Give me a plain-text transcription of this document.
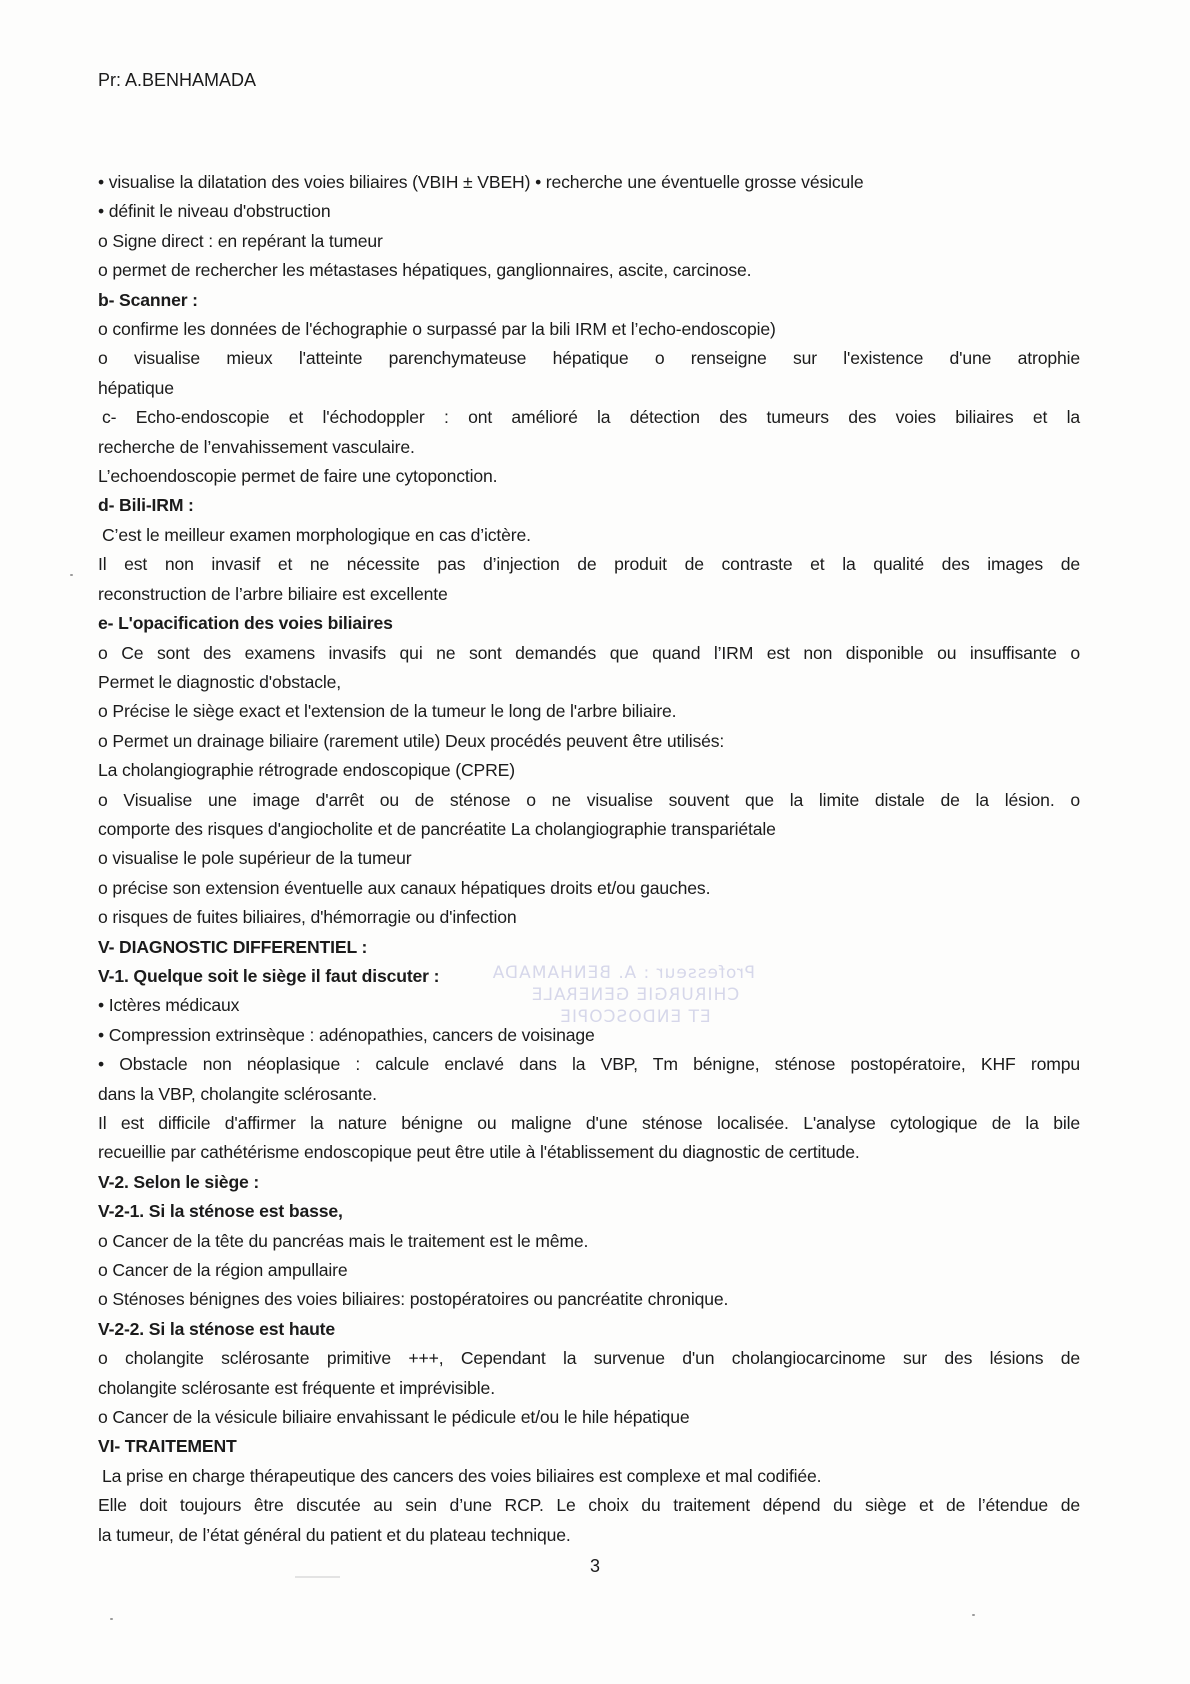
Pr: A.BENHAMADA
• visualise la dilatation des voies biliaires (VBIH ± VBEH) • recherche une éventuelle grosse vésicule
• définit le niveau d'obstruction
o Signe direct : en repérant la tumeur
o permet de rechercher les métastases hépatiques, ganglionnaires, ascite, carcinose.
b- Scanner :
o confirme les données de l'échographie o surpassé par la bili IRM et l’echo-endoscopie)
o visualise mieux l'atteinte parenchymateuse hépatique o renseigne sur l'existence d'une atrophie
hépatique
c- Echo-endoscopie et l'échodoppler : ont amélioré la détection des tumeurs des voies biliaires et la
recherche de l’envahissement vasculaire.
L’echoendoscopie permet de faire une cytoponction.
d- Bili-IRM :
C’est le meilleur examen morphologique en cas d’ictère.
Il est non invasif et ne nécessite pas d’injection de produit de contraste et la qualité des images de
reconstruction de l’arbre biliaire est excellente
e- L'opacification des voies biliaires
o Ce sont des examens invasifs qui ne sont demandés que quand l’IRM est non disponible ou insuffisante o
Permet le diagnostic d'obstacle,
o Précise le siège exact et l'extension de la tumeur le long de l'arbre biliaire.
o Permet un drainage biliaire (rarement utile) Deux procédés peuvent être utilisés:
La cholangiographie rétrograde endoscopique (CPRE)
o Visualise une image d'arrêt ou de sténose o ne visualise souvent que la limite distale de la lésion. o
comporte des risques d'angiocholite et de pancréatite La cholangiographie transpariétale
o visualise le pole supérieur de la tumeur
o précise son extension éventuelle aux canaux hépatiques droits et/ou gauches.
o risques de fuites biliaires, d'hémorragie ou d'infection
V- DIAGNOSTIC DIFFERENTIEL :
V-1. Quelque soit le siège il faut discuter :
• Ictères médicaux
• Compression extrinsèque : adénopathies, cancers de voisinage
• Obstacle non néoplasique : calcule enclavé dans la VBP, Tm bénigne, sténose postopératoire, KHF rompu
dans la VBP, cholangite sclérosante.
Il est difficile d'affirmer la nature bénigne ou maligne d'une sténose localisée. L'analyse cytologique de la bile
recueillie par cathétérisme endoscopique peut être utile à l'établissement du diagnostic de certitude.
V-2. Selon le siège :
V-2-1. Si la sténose est basse,
o Cancer de la tête du pancréas mais le traitement est le même.
o Cancer de la région ampullaire
o Sténoses bénignes des voies biliaires: postopératoires ou pancréatite chronique.
V-2-2. Si la sténose est haute
o cholangite sclérosante primitive +++, Cependant la survenue d'un cholangiocarcinome sur des lésions de
cholangite sclérosante est fréquente et imprévisible.
o Cancer de la vésicule biliaire envahissant le pédicule et/ou le hile hépatique
VI- TRAITEMENT
La prise en charge thérapeutique des cancers des voies biliaires est complexe et mal codifiée.
Elle doit toujours être discutée au sein d’une RCP. Le choix du traitement dépend du siège et de l’étendue de
la tumeur, de l’état général du patient et du plateau technique.
Professeur : A. BENHAMADA
CHIRURGIE GENERALE
ET ENDOSCOPIE
3
